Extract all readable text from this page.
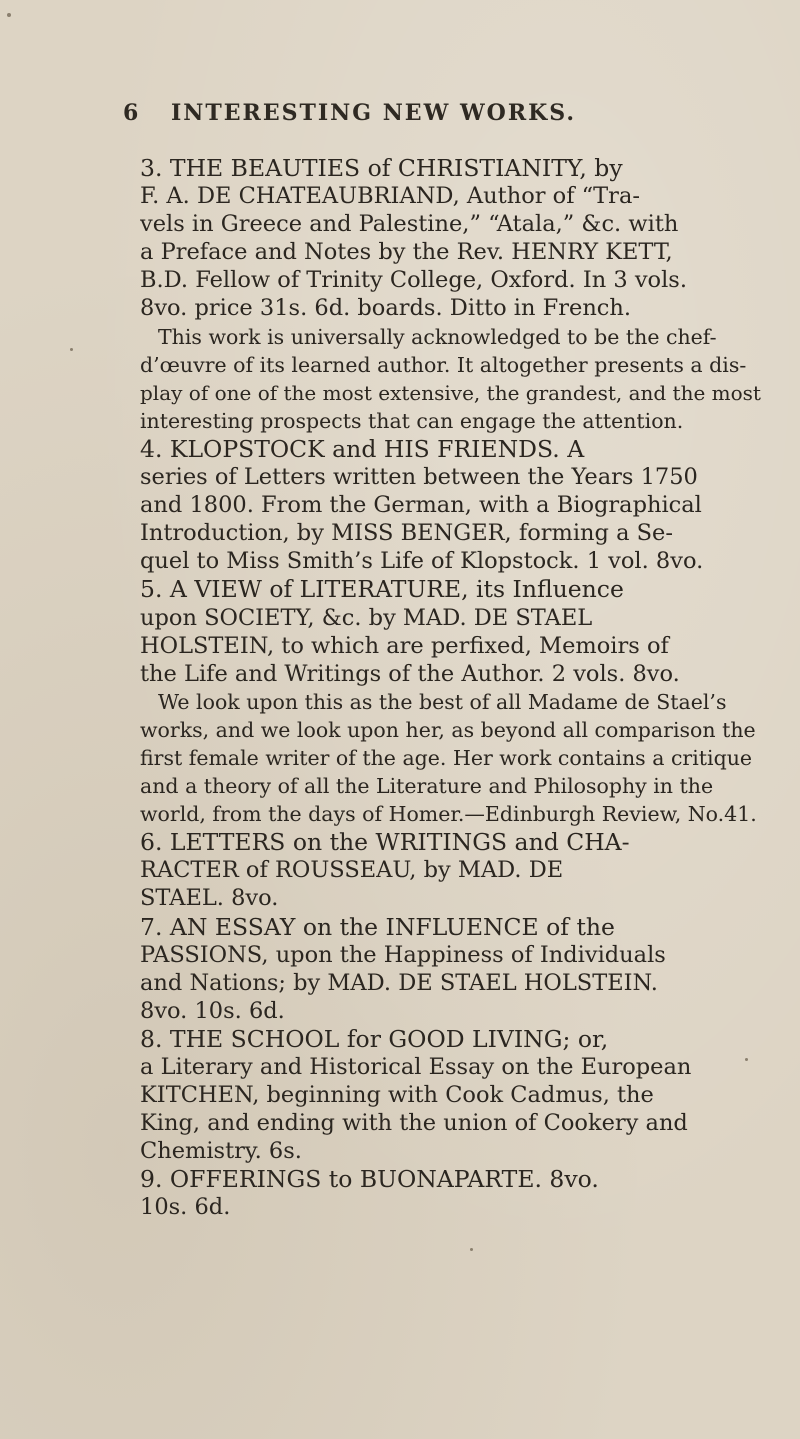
6 INTERESTING NEW WORKS.
3. THE BEAUTIES of CHRISTIANITY, by
F. A. DE CHATEAUBRIAND, Author of “Tra-
vels in Greece and Palestine,” “Atala,” &c. with
a Preface and Notes by the Rev. HENRY KETT,
B.D. Fellow of Trinity College, Oxford. In 3 vols.
8vo. price 31s. 6d. boards. Ditto in French.
This work is universally acknowledged to be the chef-
d’œuvre of its learned author. It altogether presents a dis-
play of one of the most extensive, the grandest, and the most
interesting prospects that can engage the attention.
4. KLOPSTOCK and HIS FRIENDS. A
series of Letters written between the Years 1750
and 1800. From the German, with a Biographical
Introduction, by MISS BENGER, forming a Se-
quel to Miss Smith’s Life of Klopstock. 1 vol. 8vo.
5. A VIEW of LITERATURE, its Influence
upon SOCIETY, &c. by MAD. DE STAEL
HOLSTEIN, to which are perfixed, Memoirs of
the Life and Writings of the Author. 2 vols. 8vo.
We look upon this as the best of all Madame de Stael’s
works, and we look upon her, as beyond all comparison the
first female writer of the age. Her work contains a critique
and a theory of all the Literature and Philosophy in the
world, from the days of Homer.—Edinburgh Review, No.41.
6. LETTERS on the WRITINGS and CHA-
RACTER of ROUSSEAU, by MAD. DE
STAEL. 8vo.
7. AN ESSAY on the INFLUENCE of the
PASSIONS, upon the Happiness of Individuals
and Nations; by MAD. DE STAEL HOLSTEIN.
8vo. 10s. 6d.
8. THE SCHOOL for GOOD LIVING; or,
a Literary and Historical Essay on the European
KITCHEN, beginning with Cook Cadmus, the
King, and ending with the union of Cookery and
Chemistry. 6s.
9. OFFERINGS to BUONAPARTE. 8vo.
10s. 6d.
